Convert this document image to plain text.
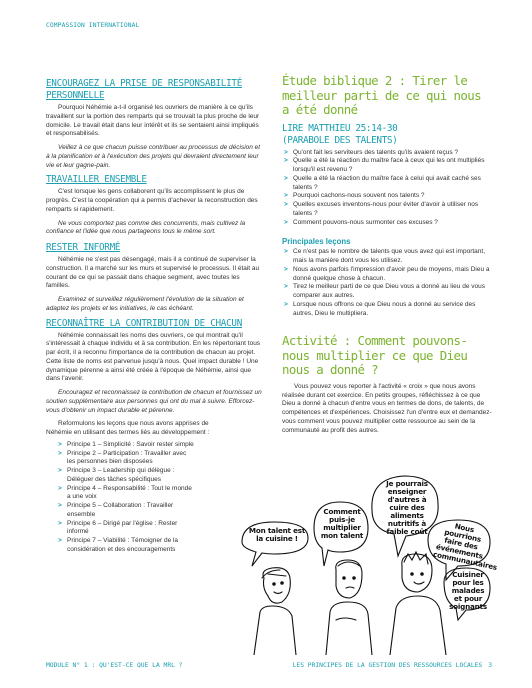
COMPASSION INTERNATIONAL
ENCOURAGEZ LA PRISE DE RESPONSABILITÉ PERSONNELLE

Pourquoi Néhémie a-t-il organisé les ouvriers de manière à ce qu'ils travaillent sur la portion des remparts qui se trouvait la plus proche de leur domicile. Le travail était dans leur intérêt et ils se sentaient ainsi impliqués et responsabilisés.

Veillez à ce que chacun puisse contribuer au processus de décision et à la planification et à l'exécution des projets qui devraient directement leur vie et leur gagne-pain.

TRAVAILLER ENSEMBLE

C'est lorsque les gens collaborent qu'ils accomplissent le plus de progrès. C'est la coopération qui a permis d'achever la reconstruction des remparts si rapidement.

Ne vous comportez pas comme des concurrents, mais cultivez la confiance et l'idée que nous partageons tous le même sort.

RESTER INFORMÉ

Néhémie ne s'est pas désengagé, mais il a continué de superviser la construction. Il a marché sur les murs et supervisé le processus. Il était au courant de ce qui se passait dans chaque segment, avec toutes les familles.

Examinez et surveillez régulièrement l'évolution de la situation et adaptez les projets et les initiatives, le cas échéant.

RECONNAÎTRE LA CONTRIBUTION DE CHACUN

Néhémie connaissait les noms des ouvriers, ce qui montrait qu'il s'intéressait à chaque individu et à sa contribution. En les répertoriant tous par écrit, il a reconnu l'importance de la contribution de chacun au projet. Cette liste de noms est parvenue jusqu'à nous. Quel impact durable ! Une dynamique pérenne a ainsi été créée à l'époque de Néhémie, ainsi que dans l'avenir.

Encouragez et reconnaissez la contribution de chacun et fournissez un soutien supplémentaire aux personnes qui ont du mal à suivre. Efforcez-vous d'obtenir un impact durable et pérenne.

Reformulons les leçons que nous avons apprises de Néhémie en utilisant des termes liés au développement :

> Principe 1 – Simplicité : Savoir rester simple
> Principe 2 – Participation : Travailler avec les personnes bien disposées
> Principe 3 – Leadership qui délègue : Déléguer des tâches spécifiques
> Principe 4 – Responsabilité : Tout le monde a une voix
> Principe 5 – Collaboration : Travailler ensemble
> Principe 6 – Dirigé par l'église : Rester informé
> Principe 7 – Viabilité : Témoigner de la considération et des encouragements
Étude biblique 2 : Tirer le meilleur parti de ce qui nous a été donné
LIRE MATTHIEU 25:14-30
(PARABOLE DES TALENTS)
> Qu'ont fait les serviteurs des talents qu'ils avaient reçus ?
> Quelle a été la réaction du maître face à ceux qui les ont multipliés lorsqu'il est revenu ?
> Quelle a été la réaction du maître face à celui qui avait caché ses talents ?
> Pourquoi cachons-nous souvent nos talents ?
> Quelles excuses inventons-nous pour éviter d'avoir à utiliser nos talents ?
> Comment pouvons-nous surmonter ces excuses ?
Principales leçons
> Ce n'est pas le nombre de talents que vous avez qui est important, mais la manière dont vous les utilisez.
> Nous avons parfois l'impression d'avoir peu de moyens, mais Dieu a donné quelque chose à chacun.
> Tirez le meilleur parti de ce que Dieu vous a donné au lieu de vous comparer aux autres.
> Lorsque nous offrons ce que Dieu nous a donné au service des autres, Dieu le multipliera.
Activité : Comment pouvons-nous multiplier ce que Dieu nous a donné ?

Vous pouvez vous reporter à l'activité « croix » que nous avons réalisée durant cet exercice. En petits groupes, réfléchissez à ce que Dieu a donné à chacun d'entre vous en termes de dons, de talents, de compétences et d'expériences. Choisissez l'un d'entre eux et demandez-vous comment vous pouvez multiplier cette ressource au sein de la communauté au profit des autres.

Mon talent est la cuisine !
Comment puis-je multiplier mon talent
Je pourrais enseigner d'autres à cuire des aliments nutritifs à faible coût	Nous pourrions faire des événements communautaires
Cuisiner pour les malades et pour soignants
MODULE N° 1 : QU'EST-CE QUE LA MRL ?	LES PRINCIPES DE LA GESTION DES RESSOURCES LOCALES 3
